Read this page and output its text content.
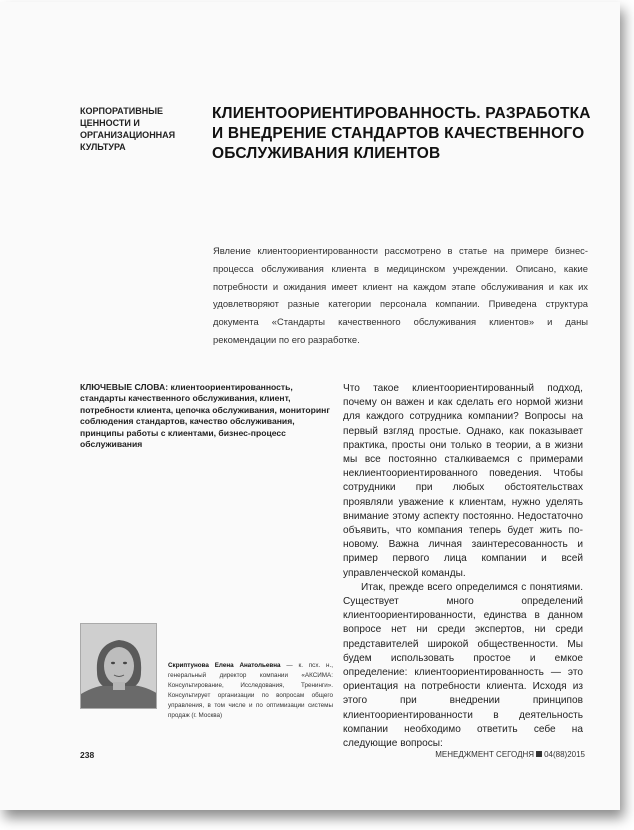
КОРПОРАТИВНЫЕ ЦЕННОСТИ И ОРГАНИЗАЦИОННАЯ КУЛЬТУРА
КЛИЕНТООРИЕНТИРОВАННОСТЬ. РАЗРАБОТКА И ВНЕДРЕНИЕ СТАНДАРТОВ КАЧЕСТВЕННОГО ОБСЛУЖИВАНИЯ КЛИЕНТОВ
Явление клиентоориентированности рассмотрено в статье на примере бизнес-процесса обслуживания клиента в медицинском учреждении. Описано, какие потребности и ожидания имеет клиент на каждом этапе обслуживания и как их удовлетворяют разные категории персонала компании. Приведена структура документа «Стандарты качественного обслуживания клиентов» и даны рекомендации по его разработке.
КЛЮЧЕВЫЕ СЛОВА: клиентоориентированность, стандарты качественного обслуживания, клиент, потребности клиента, цепочка обслуживания, мониторинг соблюдения стандартов, качество обслуживания, принципы работы с клиентами, бизнес-процесс обслуживания

Что такое клиентоориентированный подход, почему он важен и как сделать его нормой жизни для каждого сотрудника компании? Вопросы на первый взгляд простые. Однако, как показывает практика, просты они только в теории, а в жизни мы все постоянно сталкиваемся с примерами неклиентоориентированного поведения. Чтобы сотрудники при любых обстоятельствах проявляли уважение к клиентам, нужно уделять внимание этому аспекту постоянно. Недостаточно объявить, что компания теперь будет жить по-новому. Важна личная заинтересованность и пример первого лица компании и всей управленческой команды.

Итак, прежде всего определимся с понятиями. Существует много определений клиентоориентированности, единства в данном вопросе нет ни среди экспертов, ни среди представителей широкой общественности. Мы будем использовать простое и емкое определение: клиентоориентированность — это ориентация на потребности клиента. Исходя из этого при внедрении принципов клиентоориентированности в деятельность компании необходимо ответить себе на следующие вопросы:

Скриптунова Елена Анатольевна — к. псх. н., генеральный директор компании «АКСИМА: Консультирование, Исследования, Тренинги». Консультирует организации по вопросам общего управления, в том числе и по оптимизации системы продаж (г. Москва)
238	МЕНЕДЖМЕНТ СЕГОДНЯ 04(88)2015
